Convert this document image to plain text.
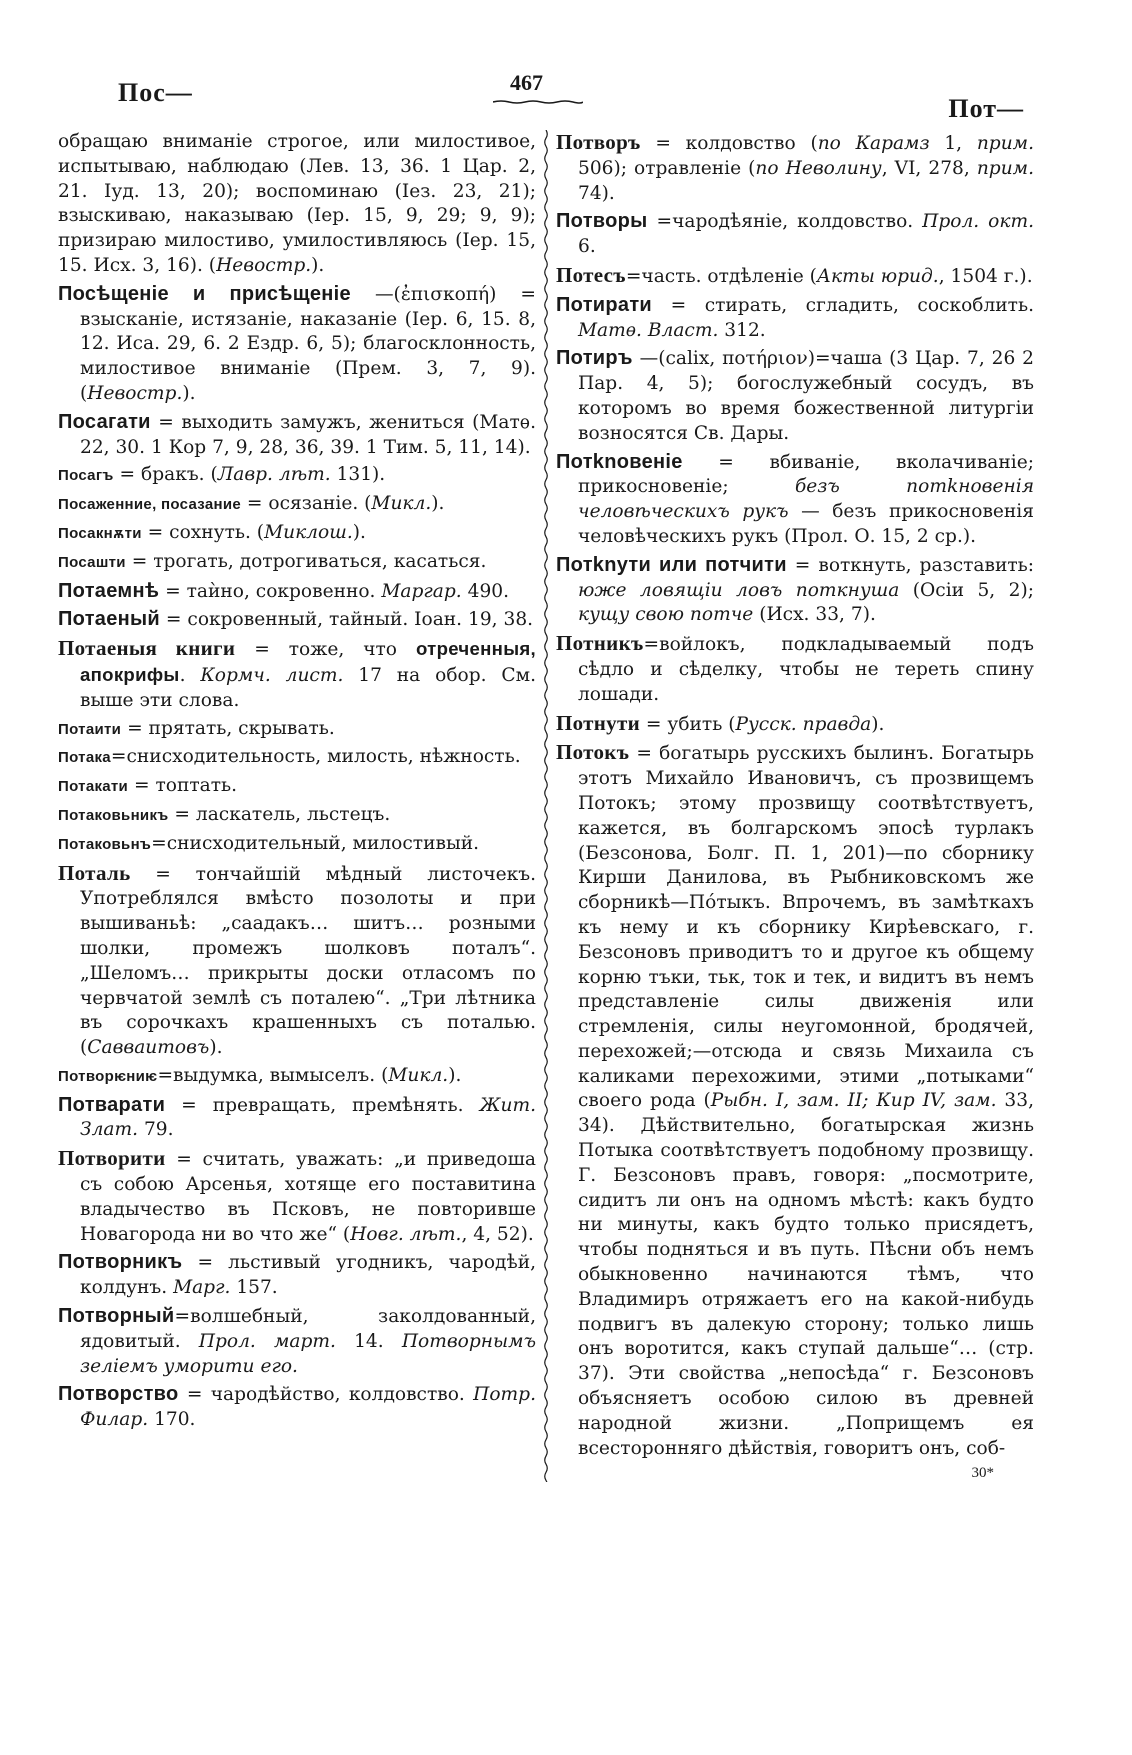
Пос—	467
Пот—

обращаю вниманіе строгое, или милостивое, испытываю, наблюдаю (Лев. 13, 36. 1 Цар. 2, 21. Іуд. 13, 20); воспоминаю (Іез. 23, 21); взыскиваю, наказываю (Іер. 15, 9, 29; 9, 9); призираю милостиво, умилостивляюсь (Іер. 15, 15. Исх. 3, 16). (Невостр.).

Посѣщеніе и присѣщеніе —(ἐπισκοπή) = взысканіе, истязаніе, наказаніе (Іер. 6, 15. 8, 12. Иса. 29, 6. 2 Ездр. 6, 5); благосклонность, милостивое вниманіе (Прем. 3, 7, 9). (Невостр.).

Посагати = выходить замужъ, жениться (Матѳ. 22, 30. 1 Кор 7, 9, 28, 36, 39. 1 Тим. 5, 11, 14).

Посагъ = бракъ. (Лавр. лѣт. 131).

Посаженние, посазание = осязаніе. (Микл.).

Посакнѫти = сохнуть. (Миклош.).

Посашти = трогать, дотрогиваться, касаться.

Потаемнѣ = таѝно, сокровенно. Маргар. 490.

Потаеный = сокровенный, тайный. Іоан. 19, 38.

Потаеныя книги = тоже, что отреченныя, апокрифы. Кормч. лист. 17 на обор. См. выше эти слова.

Потаити = прятать, скрывать.

Потака=снисходительность, милость, нѣжность.

Потакати = топтать.

Потаковьникъ = ласкатель, льстецъ.

Потаковьнъ=снисходительный, милостивый.

Поталь = тончайшій мѣдный листочекъ. Употреблялся вмѣсто позолоты и при вышиваньѣ: „саадакъ… шитъ… розными шолки, промежъ шолковъ поталъ“. „Шеломъ… прикрыты доски отласомъ по червчатой землѣ съ поталею“. „Три лѣтника въ сорочкахъ крашенныхъ съ поталью. (Саввaитовъ).

Потворѥниѥ=выдумка, вымыселъ. (Микл.).

Потварати = превращать, премѣнять. Жит. Злат. 79.

Потворити = считать, уважать: „и приведоша съ собою Арсенья, хотяще его поставитина владычество въ Псковъ, не повторивше Новагорода ни во что же“ (Новг. лѣт., 4, 52).

Потворникъ = льстивый угодникъ, чародѣй, колдунъ. Марг. 157.

Потворный=волшебный, заколдованный, ядовитый. Прол. март. 14. Потворнымъ зеліемъ уморити его.

Потворство = чародѣйство, колдовство. Потр. Филар. 170.

Потворъ = колдовство (по Карамз 1, прим. 506); отравленіе (по Неволину, VI, 278, прим. 74).

Потворы =чародѣяніе, колдовство. Прол. окт. 6.

Потесъ=часть. отдѣленіе (Акты юрид., 1504 г.).

Потирати = стирать, сгладить, соскоблить. Матѳ. Власт. 312.

Потиръ —(calix, ποτήριον)=чаша (3 Цар. 7, 26 2 Пар. 4, 5); богослужебный сосудъ, въ которомъ во время божественной литургіи возносятся Св. Дары.

Потknовеніе = вбиваніе, вколачиваніе; прикосновеніе; безъ потkновенія человѣческихъ рукъ — безъ прикосновенія человѣческихъ рукъ (Прол. О. 15, 2 ср.).

Потknути или потчити = воткнуть, разставить: юже ловящіи ловъ поткнуша (Осіи 5, 2); кущу свою потче (Исх. 33, 7).

Потникъ=войлокъ, подкладываемый подъ сѣдло и сѣделку, чтобы не тереть спину лошади.

Потнути = убить (Русск. правда).

Потокъ = богатырь русскихъ былинъ. Богатырь этотъ Михайло Ивановичъ, съ прозвищемъ Потокъ; этому прозвищу соотвѣтствуетъ, кажется, въ болгарскомъ эпосѣ турлакъ (Безсонова, Болг. П. 1, 201)—по сборнику Кирши Данилова, въ Рыбниковскомъ же сборникѣ—Пóтыкъ. Впрочемъ, въ замѣткахъ къ нему и къ сборнику Кирѣевскаго, г. Безсоновъ приводитъ то и другое къ общему корню тъки, тьк, ток и тек, и видитъ въ немъ представленіе силы движенія или стремленія, силы неугомонной, бродячей, перехожей;—отсюда и связь Михаила съ каликами перехожими, этими „потыками“ своего рода (Рыбн. I, зам. II; Кир IV, зам. 33, 34). Дѣйствительно, богатырская жизнь Потыка соотвѣтствуетъ подобному прозвищу. Г. Безсоновъ правъ, говоря: „посмотрите, сидитъ ли онъ на одномъ мѣстѣ: какъ будто ни минуты, какъ будто только присядетъ, чтобы подняться и въ путь. Пѣсни объ немъ обыкновенно начинаются тѣмъ, что Владимиръ отряжаетъ его на какой-нибудь подвигъ въ далекую сторону; только лишь онъ воротится, какъ ступай дальше“… (стр. 37). Эти свойства „непосѣда“ г. Безсоновъ объясняетъ особою силою въ древней народной жизни. „Поприщемъ ея всесторонняго дѣйствія, говоритъ онъ, соб-

30*
